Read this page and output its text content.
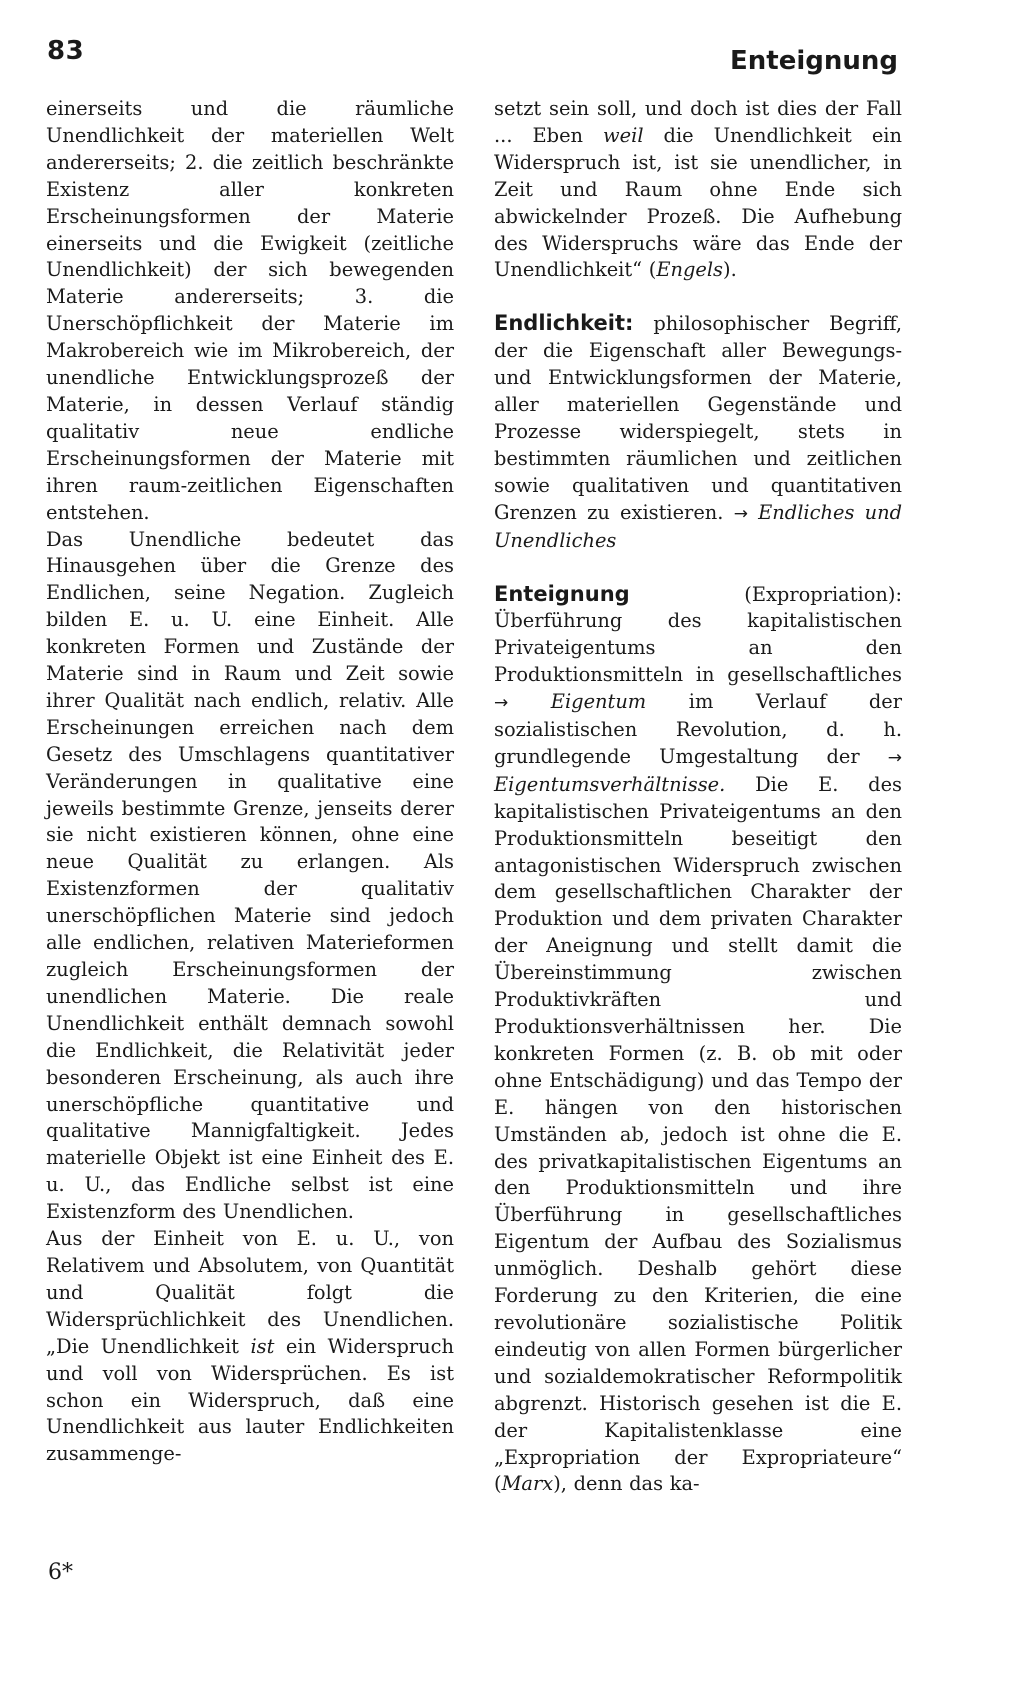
83	Enteignung

einerseits und die räumliche Unendlichkeit der materiellen Welt andererseits; 2. die zeitlich beschränkte Existenz aller konkreten Erscheinungsformen der Materie einerseits und die Ewigkeit (zeitliche Unendlichkeit) der sich bewegenden Materie andererseits; 3. die Unerschöpflichkeit der Materie im Makrobereich wie im Mikrobereich, der unendliche Entwicklungsprozeß der Materie, in dessen Verlauf ständig qualitativ neue endliche Erscheinungsformen der Materie mit ihren raum-zeitlichen Eigenschaften entstehen.

Das Unendliche bedeutet das Hinausgehen über die Grenze des Endlichen, seine Negation. Zugleich bilden E. u. U. eine Einheit. Alle konkreten Formen und Zustände der Materie sind in Raum und Zeit sowie ihrer Qualität nach endlich, relativ. Alle Erscheinungen erreichen nach dem Gesetz des Umschlagens quantitativer Veränderungen in qualitative eine jeweils bestimmte Grenze, jenseits derer sie nicht existieren können, ohne eine neue Qualität zu erlangen. Als Existenzformen der qualitativ unerschöpflichen Materie sind jedoch alle endlichen, relativen Materieformen zugleich Erscheinungsformen der unendlichen Materie. Die reale Unendlichkeit enthält demnach sowohl die Endlichkeit, die Relativität jeder besonderen Erscheinung, als auch ihre unerschöpfliche quantitative und qualitative Mannigfaltigkeit. Jedes materielle Objekt ist eine Einheit des E. u. U., das Endliche selbst ist eine Existenzform des Unendlichen.

Aus der Einheit von E. u. U., von Relativem und Absolutem, von Quantität und Qualität folgt die Widersprüchlichkeit des Unendlichen. „Die Unendlichkeit ist ein Widerspruch und voll von Widersprüchen. Es ist schon ein Widerspruch, daß eine Unendlichkeit aus lauter Endlichkeiten zusammenge-

setzt sein soll, und doch ist dies der Fall ... Eben weil die Unendlichkeit ein Widerspruch ist, ist sie unendlicher, in Zeit und Raum ohne Ende sich abwickelnder Prozeß. Die Aufhebung des Widerspruchs wäre das Ende der Unendlichkeit“ (Engels).

Endlichkeit: philosophischer Begriff, der die Eigenschaft aller Bewegungs- und Entwicklungsformen der Materie, aller materiellen Gegenstände und Prozesse widerspiegelt, stets in bestimmten räumlichen und zeitlichen sowie qualitativen und quantitativen Grenzen zu existieren. → Endliches und Unendliches

Enteignung	(Expropriation): Überführung des kapitalistischen Privateigentums an den Produktionsmitteln in gesellschaftliches → Eigentum im Verlauf der sozialistischen Revolution, d. h. grundlegende Umgestaltung der → Eigentumsverhältnisse. Die E. des kapitalistischen Privateigentums an den Produktionsmitteln beseitigt den antagonistischen Widerspruch zwischen dem gesellschaftlichen Charakter der Produktion und dem privaten Charakter der Aneignung und stellt damit die Übereinstimmung zwischen Produktivkräften und Produktionsverhältnissen her. Die konkreten Formen (z. B. ob mit oder ohne Entschädigung) und das Tempo der E. hängen von den historischen Umständen ab, jedoch ist ohne die E. des privatkapitalistischen Eigentums an den Produktionsmitteln und ihre Überführung in gesellschaftliches Eigentum der Aufbau des Sozialismus unmöglich. Deshalb gehört diese Forderung zu den Kriterien, die eine revolutionäre sozialistische Politik eindeutig von allen Formen bürgerlicher und sozialdemokratischer Reformpolitik abgrenzt. Historisch gesehen ist die E. der Kapitalistenklasse eine „Expropriation der Expropriateure“ (Marx), denn das ka-

6*
